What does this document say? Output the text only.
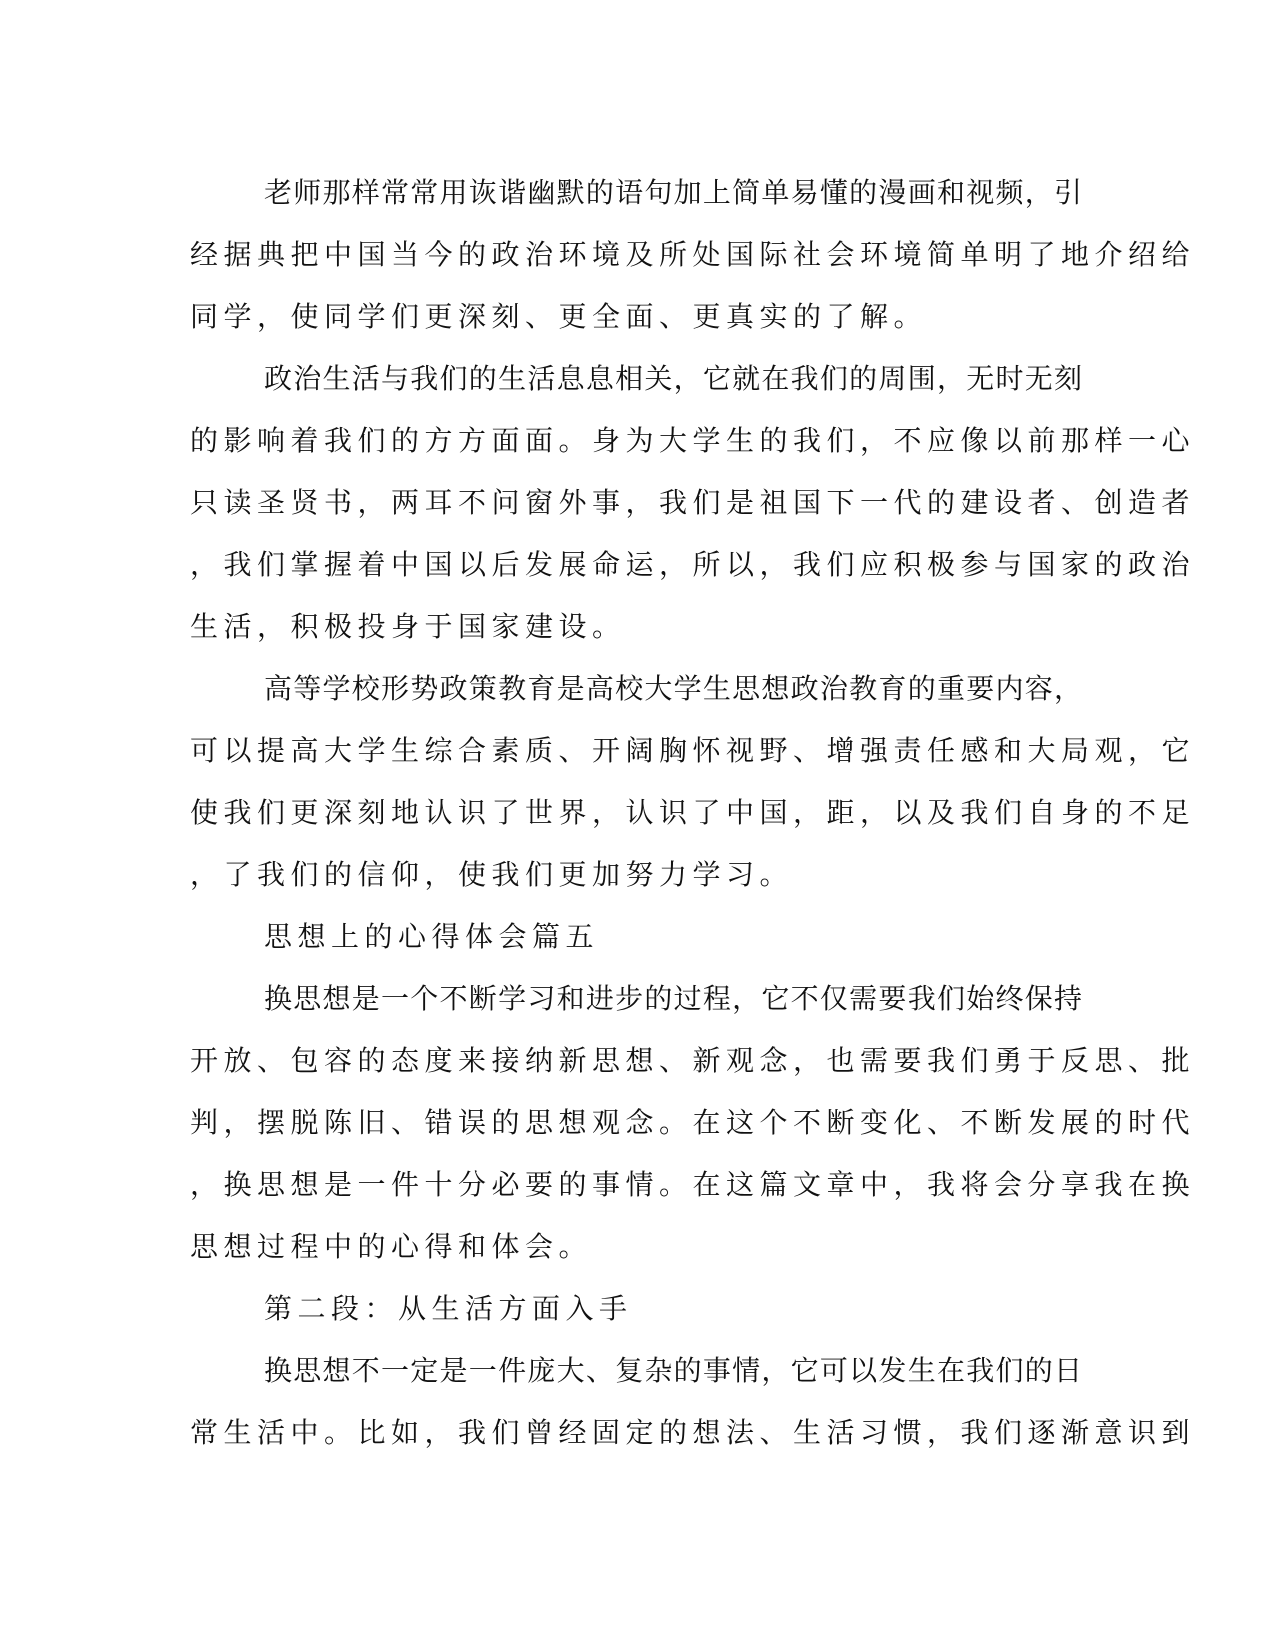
老师那样常常用诙谐幽默的语句加上简单易懂的漫画和视频，引
经据典把中国当今的政治环境及所处国际社会环境简单明了地介绍给
同学，使同学们更深刻、更全面、更真实的了解。
政治生活与我们的生活息息相关，它就在我们的周围，无时无刻
的影响着我们的方方面面。身为大学生的我们，不应像以前那样一心
只读圣贤书，两耳不问窗外事，我们是祖国下一代的建设者、创造者
，我们掌握着中国以后发展命运，所以，我们应积极参与国家的政治
生活，积极投身于国家建设。
高等学校形势政策教育是高校大学生思想政治教育的重要内容，
可以提高大学生综合素质、开阔胸怀视野、增强责任感和大局观，它
使我们更深刻地认识了世界，认识了中国，距，以及我们自身的不足
，了我们的信仰，使我们更加努力学习。
思想上的心得体会篇五
换思想是一个不断学习和进步的过程，它不仅需要我们始终保持
开放、包容的态度来接纳新思想、新观念，也需要我们勇于反思、批
判，摆脱陈旧、错误的思想观念。在这个不断变化、不断发展的时代
，换思想是一件十分必要的事情。在这篇文章中，我将会分享我在换
思想过程中的心得和体会。
第二段：从生活方面入手
换思想不一定是一件庞大、复杂的事情，它可以发生在我们的日
常生活中。比如，我们曾经固定的想法、生活习惯，我们逐渐意识到
